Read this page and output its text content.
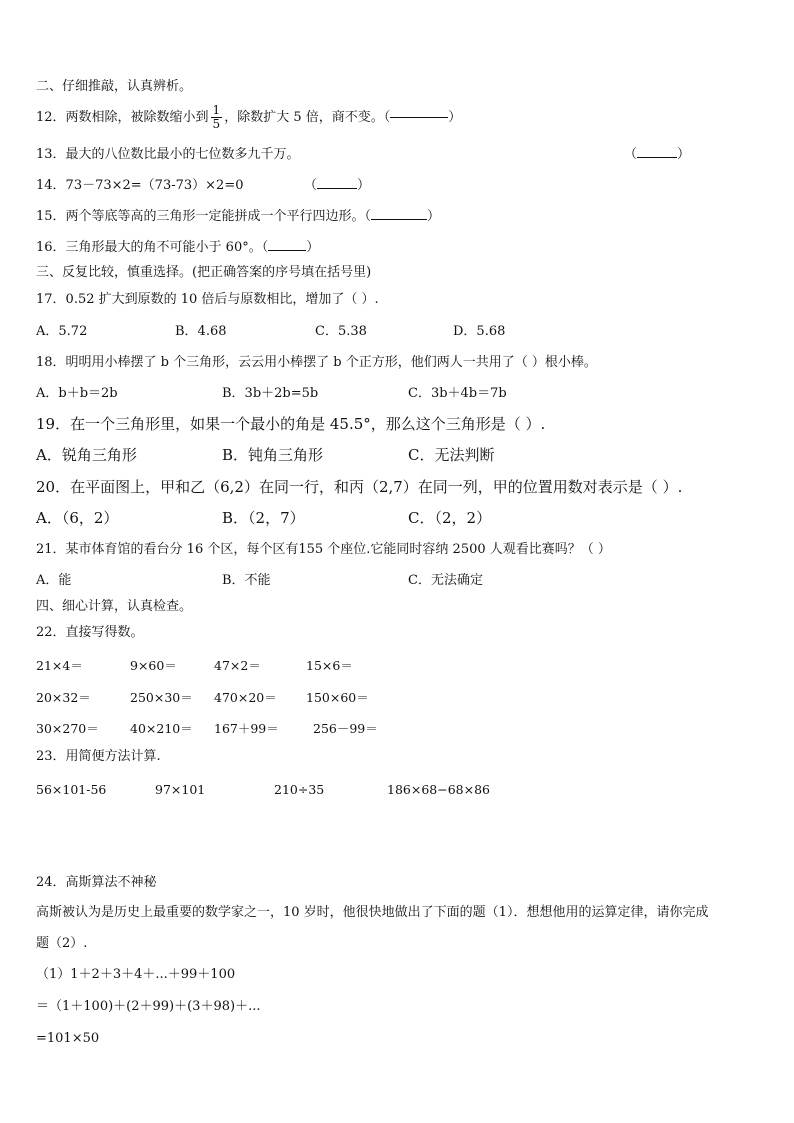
二、仔细推敲，认真辨析。
12．两数相除，被除数缩小到 $\frac{1}{5}$ ，除数扩大 5 倍，商不变。（	）
13．最大的八位数比最小的七位数多九千万。	（	）
14．73－73×2=（73-73）×2=0	（	）
15．两个等底等高的三角形一定能拼成一个平行四边形。（	）
16．三角形最大的角不可能小于 60°。（	）
三、反复比较，慎重选择。(把正确答案的序号填在括号里)
17．0.52 扩大到原数的 10 倍后与原数相比，增加了（ ）.
A．5.72	B．4.68	C．5.38	D．5.68
18．明明用小棒摆了 b 个三角形，云云用小棒摆了 b 个正方形，他们两人一共用了（ ）根小棒。
A．b＋b＝2b	B．3b＋2b=5b	C．3b＋4b＝7b
19．在一个三角形里，如果一个最小的角是 45.5°，那么这个三角形是（ ）.
A．锐角三角形	B．钝角三角形	C．无法判断
20．在平面图上，甲和乙（6,2）在同一行，和丙（2,7）在同一列，甲的位置用数对表示是（ ）.
A．（6，2）	B．（2，7）	C．（2，2）
21．某市体育馆的看台分 16 个区，每个区有155 个座位.它能同时容纳 2500 人观看比赛吗？（ ）
A．能	B．不能	C．无法确定
四、细心计算，认真检查。
22．直接写得数。
21×4＝	9×60＝	47×2＝	15×6＝
20×32＝	250×30＝ 470×20＝ 150×60＝
30×270＝	40×210＝ 167＋99＝	256－99＝
23．用简便方法计算.
56×101-56	97×101	210÷35	186×68−68×86
24．高斯算法不神秘
高斯被认为是历史上最重要的数学家之一，10 岁时，他很快地做出了下面的题（1）．想想他用的运算定律，请你完成
题（2）.
（1）1＋2＋3＋4＋...＋99＋100
＝（1＋100)＋(2＋99)＋(3＋98)＋...
=101×50
